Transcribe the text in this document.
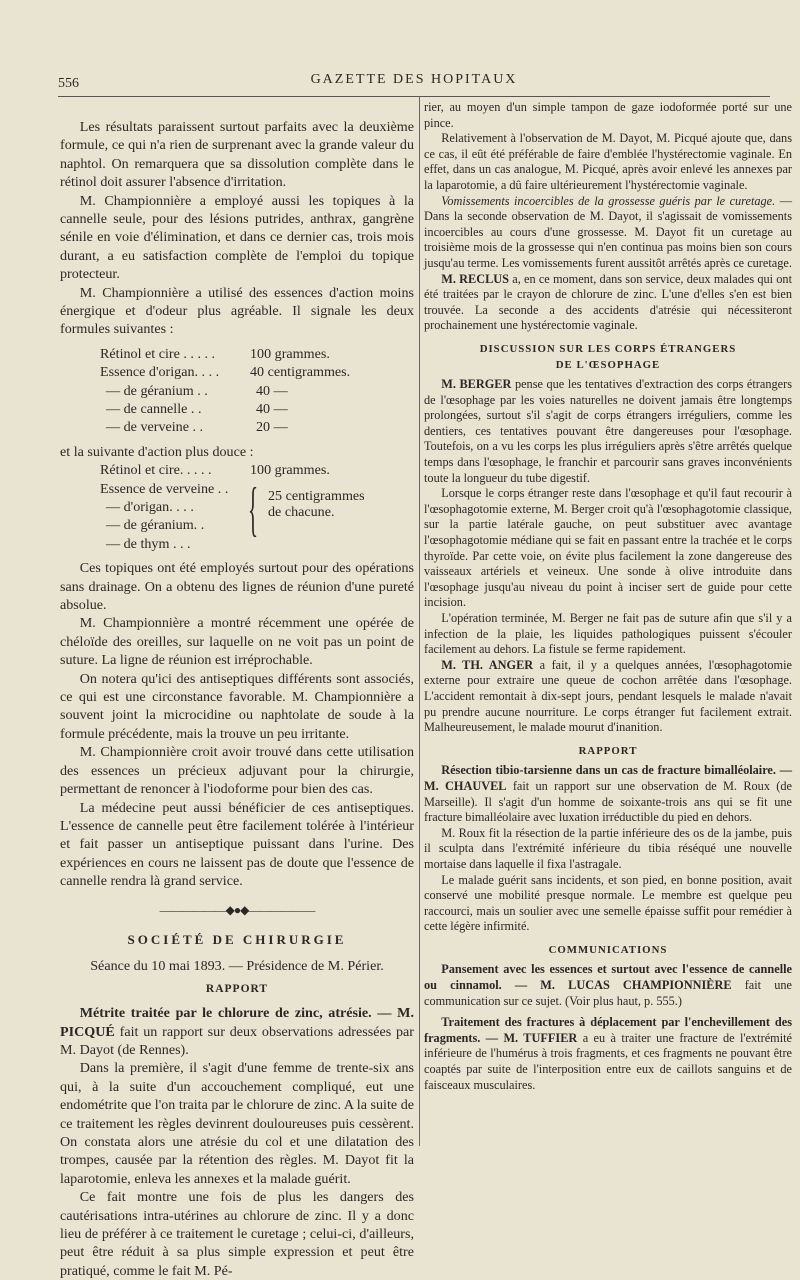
556	GAZETTE DES HOPITAUX

Les résultats paraissent surtout parfaits avec la deuxième formule, ce qui n'a rien de surprenant avec la grande valeur du naphtol. On remarquera que sa dissolution complète dans le rétinol doit assurer l'absence d'irritation.

M. Championnière a employé aussi les topiques à la cannelle seule, pour des lésions putrides, anthrax, gangrène sénile en voie d'élimination, et dans ce dernier cas, trois mois durant, a eu satisfaction complète de l'emploi du topique protecteur.

M. Championnière a utilisé des essences d'action moins énergique et d'odeur plus agréable. Il signale les deux formules suivantes :

Rétinol et cire . . . . .	100 grammes.
Essence d'origan. . . .	40 centigrammes.
— de géranium . .	40 —
— de cannelle . .	40 —
— de verveine . .	20 —

et la suivante d'action plus douce :

Rétinol et cire. . . . .	100 grammes.
Essence de verveine . .
— d'origan. . . .
— de géranium. .
— de thym . . .
{ 25 centigrammes de chacune.

Ces topiques ont été employés surtout pour des opérations sans drainage. On a obtenu des lignes de réunion d'une pureté absolue.

M. Championnière a montré récemment une opérée de chéloïde des oreilles, sur laquelle on ne voit pas un point de suture. La ligne de réunion est irréprochable.

On notera qu'ici des antiseptiques différents sont associés, ce qui est une circonstance favorable. M. Championnière a souvent joint la microcidine ou naphtolate de soude à la formule précédente, mais la trouve un peu irritante.

M. Championnière croit avoir trouvé dans cette utilisation des essences un précieux adjuvant pour la chirurgie, permettant de renoncer à l'iodoforme pour bien des cas.

La médecine peut aussi bénéficier de ces antiseptiques. L'essence de cannelle peut être facilement tolérée à l'intérieur et fait passer un antiseptique puissant dans l'urine. Des expériences en cours ne laissent pas de doute que l'essence de cannelle rendra là grand service.

——————◆●◆——————
SOCIÉTÉ DE CHIRURGIE
Séance du 10 mai 1893. — Présidence de M. Périer.
RAPPORT

Métrite traitée par le chlorure de zinc, atrésie. — M. PICQUÉ fait un rapport sur deux observations adressées par M. Dayot (de Rennes).

Dans la première, il s'agit d'une femme de trente-six ans qui, à la suite d'un accouchement compliqué, eut une endométrite que l'on traita par le chlorure de zinc. A la suite de ce traitement les règles devinrent douloureuses puis cessèrent. On constata alors une atrésie du col et une dilatation des trompes, causée par la rétention des règles. M. Dayot fit la laparotomie, enleva les annexes et la malade guérit.

Ce fait montre une fois de plus les dangers des cautérisations intra-utérines au chlorure de zinc. Il y a donc lieu de préférer à ce traitement le curetage ; celui-ci, d'ailleurs, peut être réduit à sa plus simple expression et peut être pratiqué, comme le fait M. Pé-

rier, au moyen d'un simple tampon de gaze iodoformée porté sur une pince.

Relativement à l'observation de M. Dayot, M. Picqué ajoute que, dans ce cas, il eût été préférable de faire d'emblée l'hystérectomie vaginale. En effet, dans un cas analogue, M. Picqué, après avoir enlevé les annexes par la laparotomie, a dû faire ultérieurement l'hystérectomie vaginale.

Vomissements incoercibles de la grossesse guéris par le curetage. — Dans la seconde observation de M. Dayot, il s'agissait de vomissements incoercibles au cours d'une grossesse. M. Dayot fit un curetage au troisième mois de la grossesse qui n'en continua pas moins bien son cours jusqu'au terme. Les vomissements furent aussitôt arrêtés après ce curetage.

M. RECLUS a, en ce moment, dans son service, deux malades qui ont été traitées par le crayon de chlorure de zinc. L'une d'elles s'en est bien trouvée. La seconde a des accidents d'atrésie qui nécessiteront prochainement une hystérectomie vaginale.

DISCUSSION SUR LES CORPS ÉTRANGERS
DE L'ŒSOPHAGE

M. BERGER pense que les tentatives d'extraction des corps étrangers de l'œsophage par les voies naturelles ne doivent jamais être longtemps prolongées, surtout s'il s'agit de corps étrangers irréguliers, comme les dentiers, ces tentatives pouvant être dangereuses pour l'œsophage. Toutefois, on a vu les corps les plus irréguliers après s'être arrêtés quelque temps dans l'œsophage, le franchir et parcourir sans graves inconvénients toute la longueur du tube digestif.

Lorsque le corps étranger reste dans l'œsophage et qu'il faut recourir à l'œsophagotomie externe, M. Berger croit qu'à l'œsophagotomie classique, sur la partie latérale gauche, on peut substituer avec avantage l'œsophagotomie médiane qui se fait en passant entre la trachée et le corps thyroïde. Par cette voie, on évite plus facilement la zone dangereuse des vaisseaux artériels et veineux. Une sonde à olive introduite dans l'œsophage jusqu'au niveau du point à inciser sert de guide pour cette incision.

L'opération terminée, M. Berger ne fait pas de suture afin que s'il y a infection de la plaie, les liquides pathologiques puissent s'écouler facilement au dehors. La fistule se ferme rapidement.

M. TH. ANGER a fait, il y a quelques années, l'œsophagotomie externe pour extraire une queue de cochon arrêtée dans l'œsophage. L'accident remontait à dix-sept jours, pendant lesquels le malade n'avait pu prendre aucune nourriture. Le corps étranger fut facilement extrait. Malheureusement, le malade mourut d'inanition.

RAPPORT

Résection tibio-tarsienne dans un cas de fracture bimalléolaire. — M. CHAUVEL fait un rapport sur une observation de M. Roux (de Marseille). Il s'agit d'un homme de soixante-trois ans qui se fit une fracture bimalléolaire avec luxation irréductible du pied en dehors.

M. Roux fit la résection de la partie inférieure des os de la jambe, puis il sculpta dans l'extrémité inférieure du tibia réséqué une nouvelle mortaise dans laquelle il fixa l'astragale.

Le malade guérit sans incidents, et son pied, en bonne position, avait conservé une mobilité presque normale. Le membre est quelque peu raccourci, mais un soulier avec une semelle épaisse suffit pour remédier à cette légère infirmité.

COMMUNICATIONS

Pansement avec les essences et surtout avec l'essence de cannelle ou cinnamol. — M. LUCAS CHAMPIONNIÈRE fait une communication sur ce sujet. (Voir plus haut, p. 555.)

Traitement des fractures à déplacement par l'enchevillement des fragments. — M. TUFFIER a eu à traiter une fracture de l'extrémité inférieure de l'humérus à trois fragments, et ces fragments ne pouvant être coaptés par suite de l'interposition entre eux de caillots sanguins et de faisceaux musculaires.
